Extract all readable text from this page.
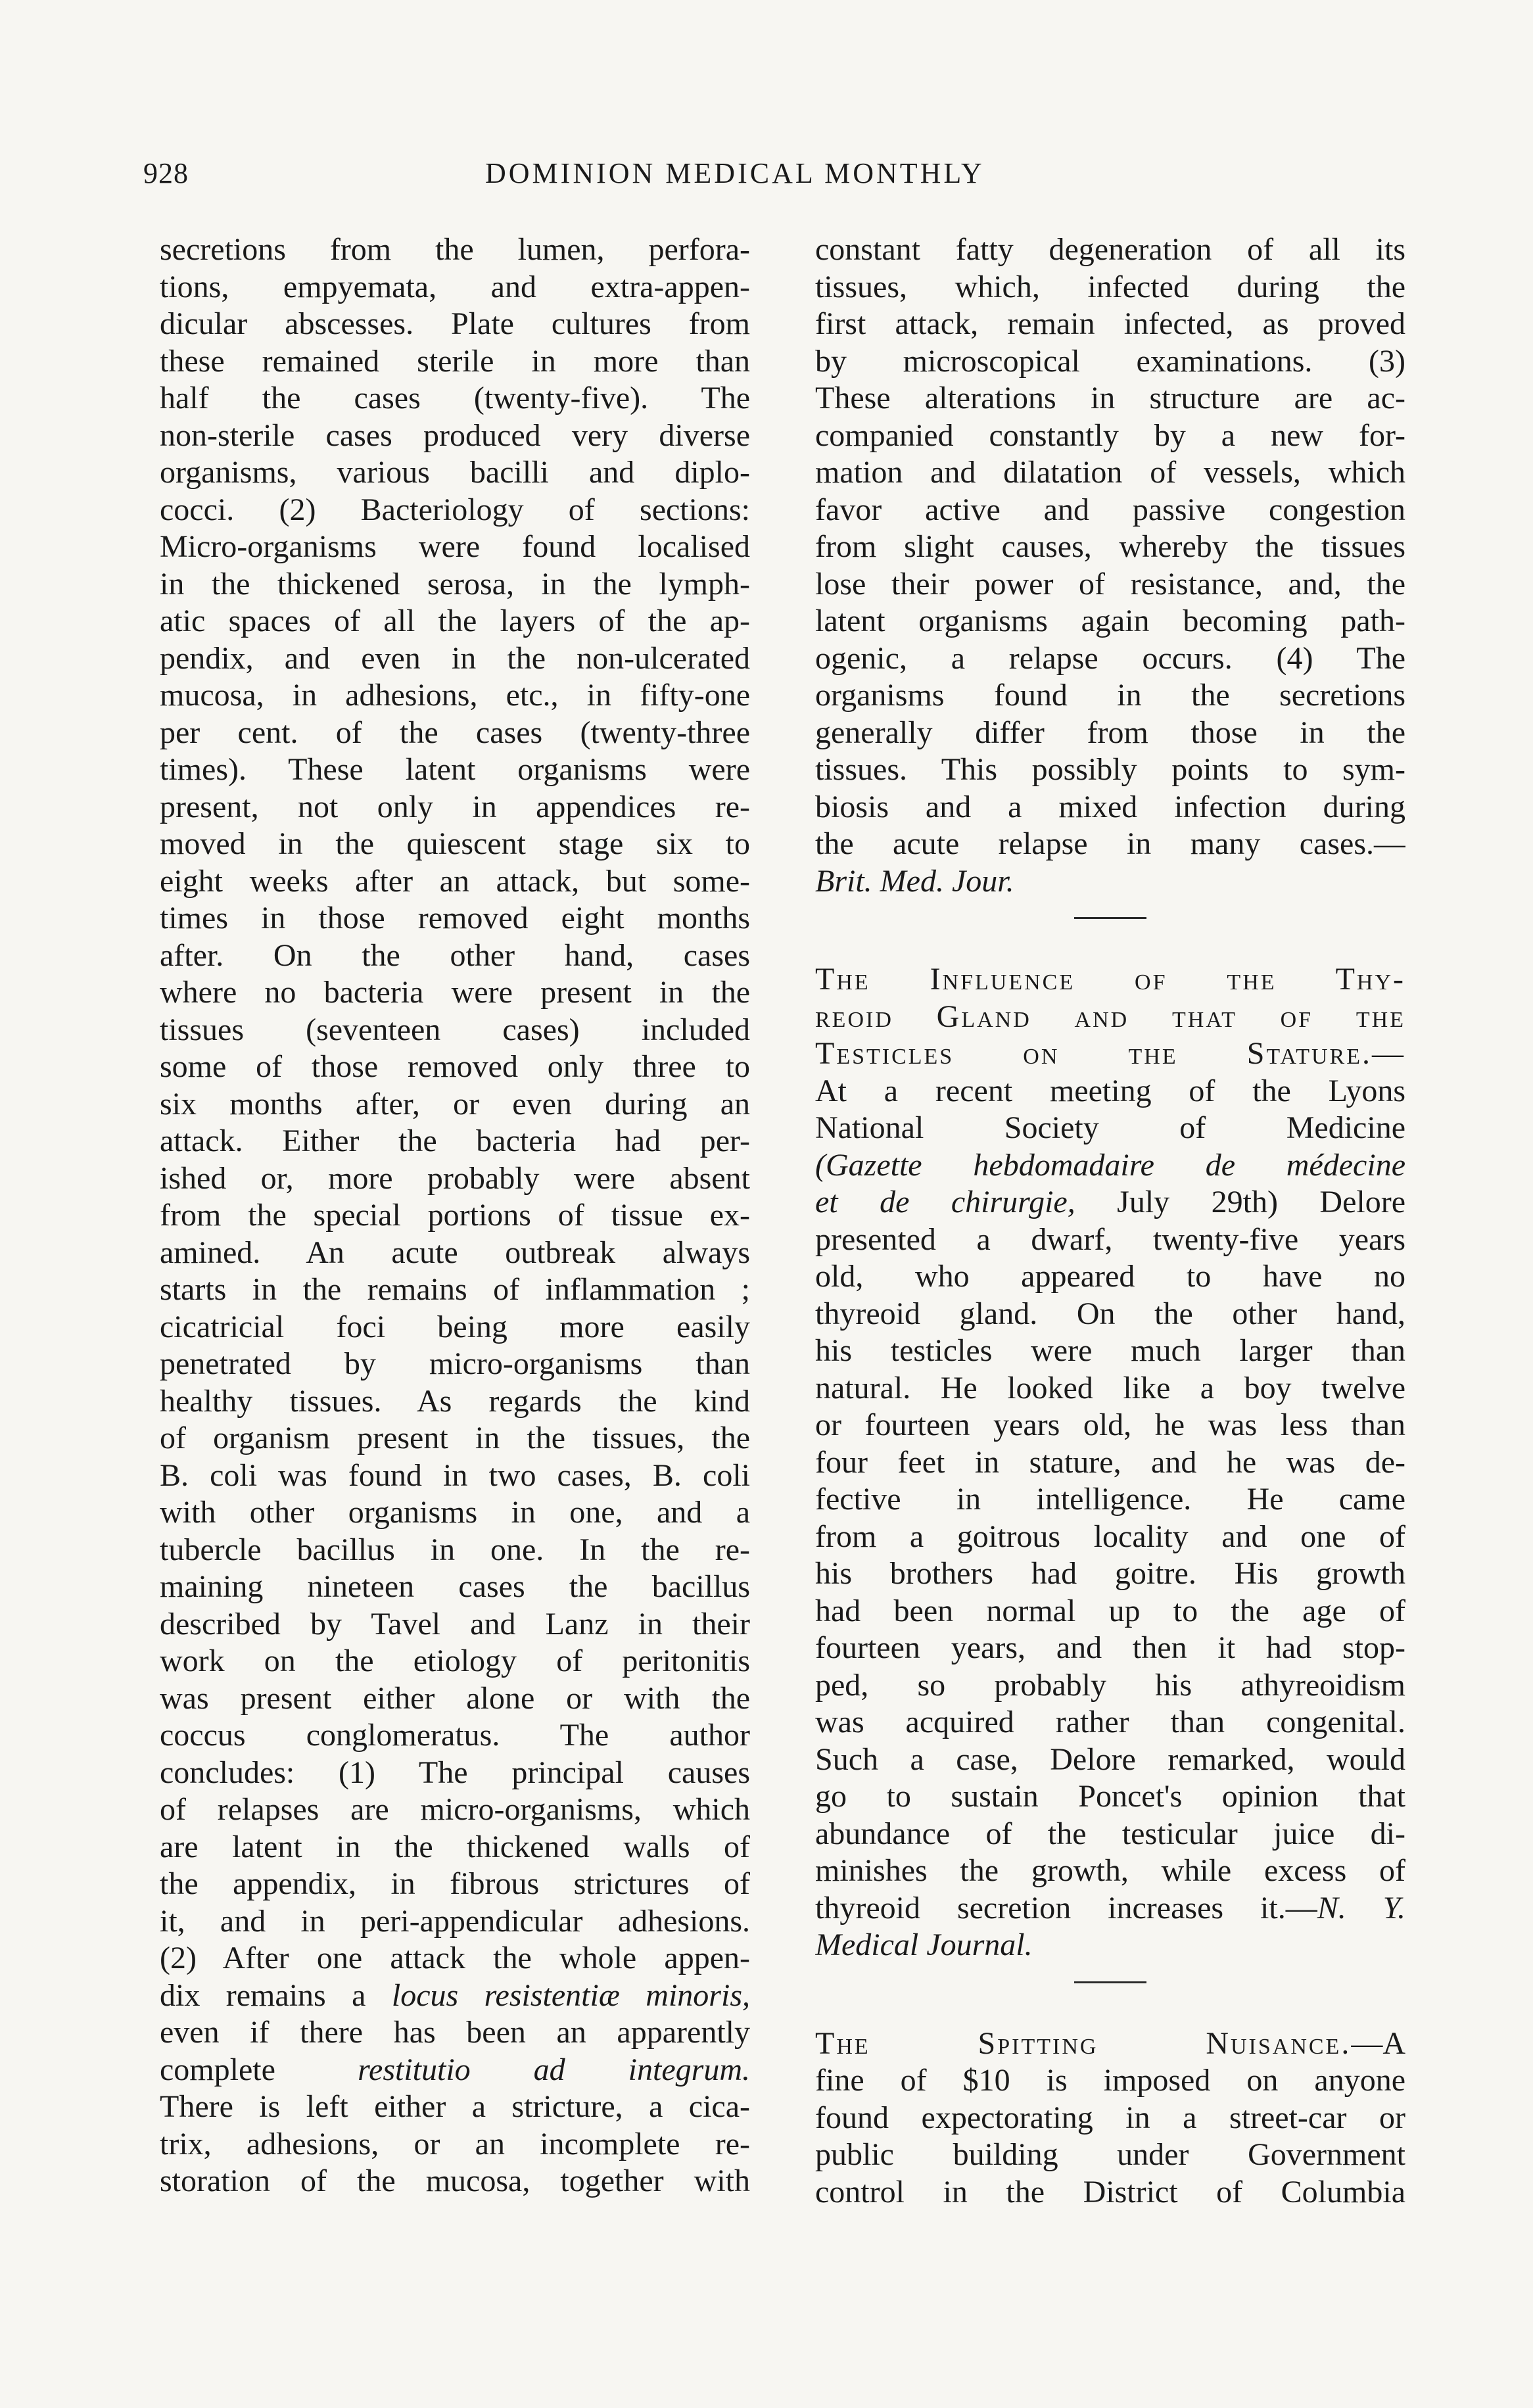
928	DOMINION MEDICAL MONTHLY
secretions from the lumen, perfora-
tions, empyemata, and extra-appen-
dicular abscesses. Plate cultures from
these remained sterile in more than
half the cases (twenty-five). The
non-sterile cases produced very diverse
organisms, various bacilli and diplo-
cocci. (2) Bacteriology of sections:
Micro-organisms were found localised
in the thickened serosa, in the lymph-
atic spaces of all the layers of the ap-
pendix, and even in the non-ulcerated
mucosa, in adhesions, etc., in fifty-one
per cent. of the cases (twenty-three
times). These latent organisms were
present, not only in appendices re-
moved in the quiescent stage six to
eight weeks after an attack, but some-
times in those removed eight months
after. On the other hand, cases
where no bacteria were present in the
tissues (seventeen cases) included
some of those removed only three to
six months after, or even during an
attack. Either the bacteria had per-
ished or, more probably were absent
from the special portions of tissue ex-
amined. An acute outbreak always
starts in the remains of inflammation ;
cicatricial foci being more easily
penetrated by micro-organisms than
healthy tissues. As regards the kind
of organism present in the tissues, the
B. coli was found in two cases, B. coli
with other organisms in one, and a
tubercle bacillus in one. In the re-
maining nineteen cases the bacillus
described by Tavel and Lanz in their
work on the etiology of peritonitis
was present either alone or with the
coccus conglomeratus. The author
concludes: (1) The principal causes
of relapses are micro-organisms, which
are latent in the thickened walls of
the appendix, in fibrous strictures of
it, and in peri-appendicular adhesions.
(2) After one attack the whole appen-
dix remains a locus resistentiæ minoris,
even if there has been an apparently
complete restitutio   ad   integrum.
There is left either a stricture, a cica-
trix, adhesions, or an incomplete re-
storation of the mucosa, together with
constant fatty degeneration of all its
tissues, which, infected during the
first attack, remain infected, as proved
by microscopical examinations. (3)
These alterations in structure are ac-
companied constantly by a new for-
mation and dilatation of vessels, which
favor active and passive congestion
from slight causes, whereby the tissues
lose their power of resistance, and, the
latent organisms again becoming path-
ogenic, a relapse occurs. (4) The
organisms found in the secretions
generally differ from those in the
tissues. This possibly points to sym-
biosis and a mixed infection during
the acute relapse in many cases.—
Brit. Med. Jour.
The Influence of the Thy-
reoid Gland and that of the
Testicles on the Stature.—
At a recent meeting of the Lyons
National Society of Medicine
(Gazette hebdomadaire de médecine
et de chirurgie, July 29th) Delore
presented a dwarf, twenty-five years
old, who appeared to have no
thyreoid gland. On the other hand,
his testicles were much larger than
natural. He looked like a boy twelve
or fourteen years old, he was less than
four feet in stature, and he was de-
fective in intelligence. He came
from a goitrous locality and one of
his brothers had goitre. His growth
had been normal up to the age of
fourteen years, and then it had stop-
ped, so probably his athyreoidism
was acquired rather than congenital.
Such a case, Delore remarked, would
go to sustain Poncet's opinion that
abundance of the testicular juice di-
minishes the growth, while excess of
thyreoid secretion increases it.—N. Y.
Medical Journal.
The Spitting Nuisance.—A
fine of $10 is imposed on anyone
found expectorating in a street-car or
public building under Government
control in the District of Columbia
